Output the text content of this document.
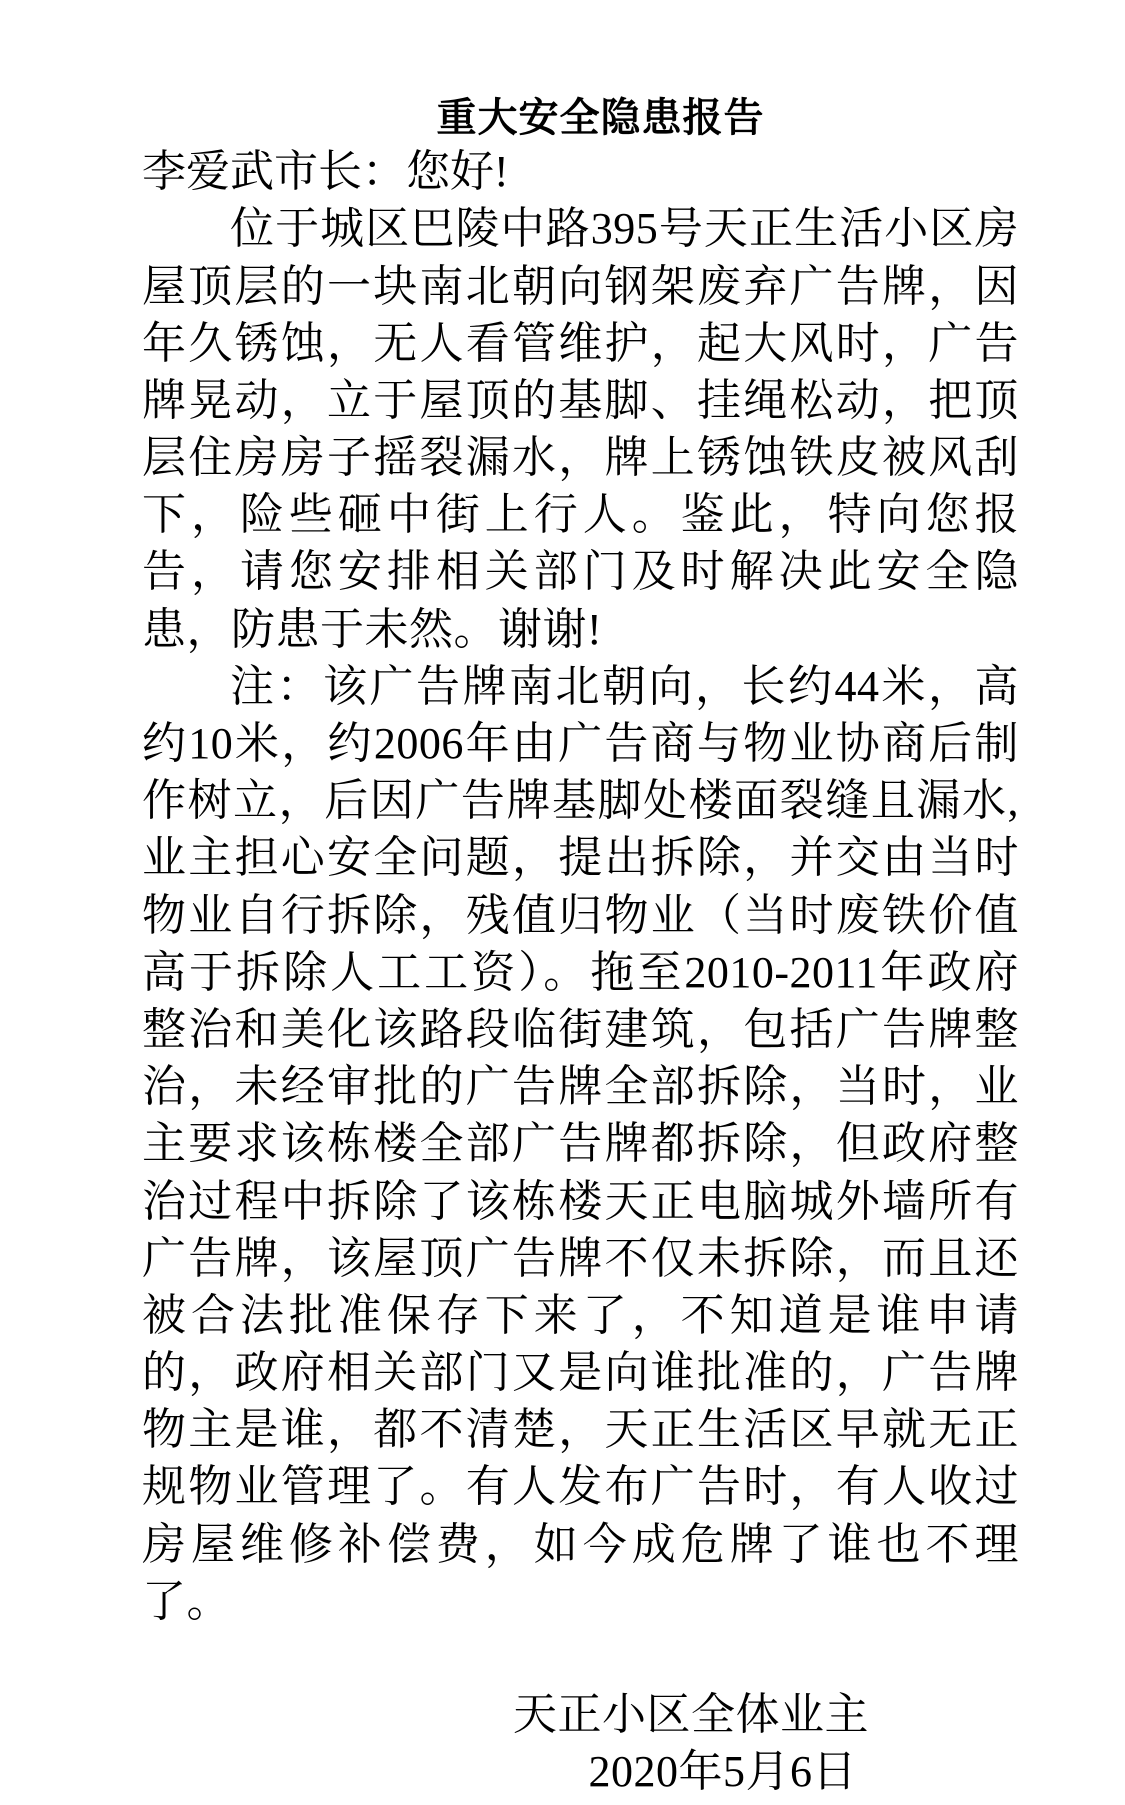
重大安全隐患报告
李爱武市长：您好!
位于城区巴陵中路395号天正生活小区房屋顶层的一块南北朝向钢架废弃广告牌，因年久锈蚀，无人看管维护，起大风时，广告牌晃动，立于屋顶的基脚、挂绳松动，把顶层住房房子摇裂漏水，牌上锈蚀铁皮被风刮下，险些砸中街上行人。鉴此，特向您报告，请您安排相关部门及时解决此安全隐患，防患于未然。谢谢!
注：该广告牌南北朝向，长约44米，高约10米，约2006年由广告商与物业协商后制作树立，后因广告牌基脚处楼面裂缝且漏水,业主担心安全问题，提出拆除，并交由当时物业自行拆除，残值归物业（当时废铁价值高于拆除人工工资）。拖至2010-2011年政府整治和美化该路段临街建筑，包括广告牌整治，未经审批的广告牌全部拆除，当时，业主要求该栋楼全部广告牌都拆除，但政府整治过程中拆除了该栋楼天正电脑城外墙所有广告牌，该屋顶广告牌不仅未拆除，而且还被合法批准保存下来了，不知道是谁申请的，政府相关部门又是向谁批准的，广告牌物主是谁，都不清楚，天正生活区早就无正规物业管理了。有人发布广告时，有人收过房屋维修补偿费，如今成危牌了谁也不理了。
天正小区全体业主
2020年5月6日
